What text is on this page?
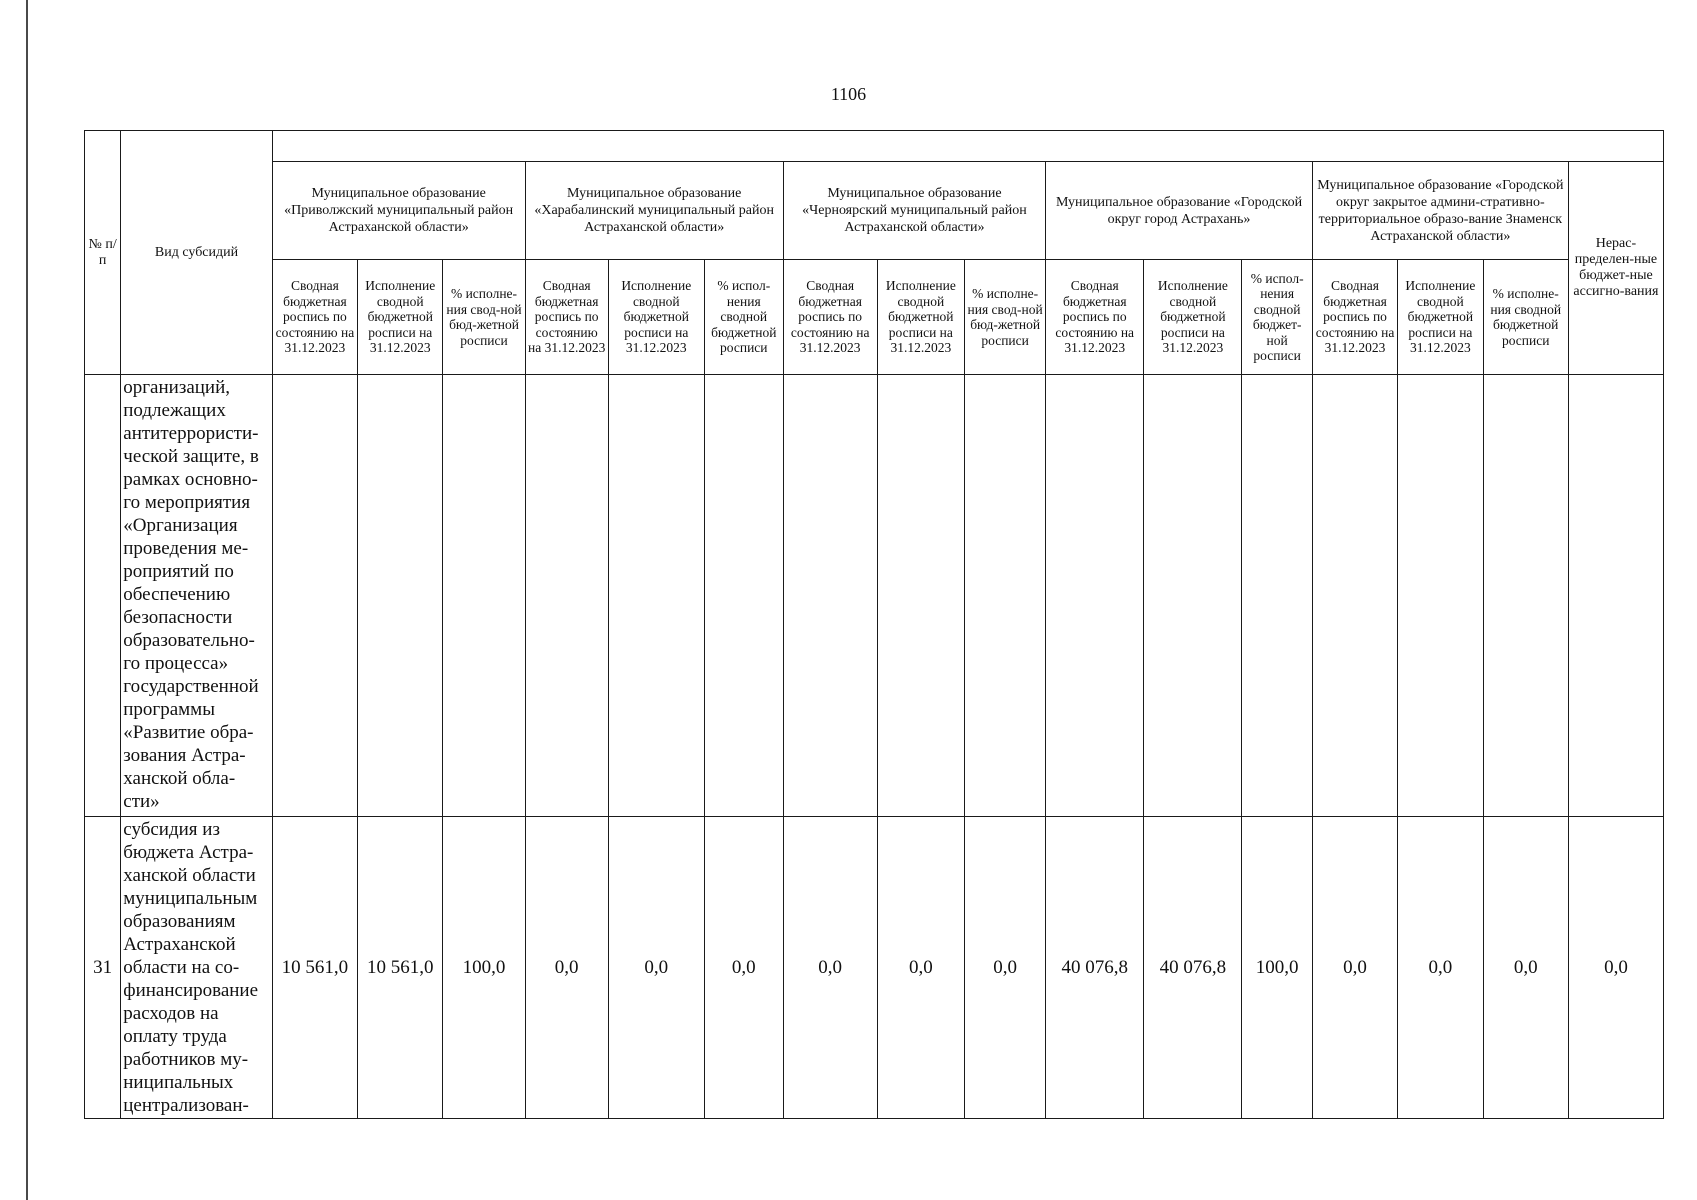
1106
№ п/п	Вид субсидий																
		Муниципальное образование «Приволжский муниципальный район Астраханской области»			Муниципальное образование «Харабалинский муниципальный район Астраханской области»			Муниципальное образование «Черноярский муниципальный район Астраханской области»			Муниципальное образование «Городской округ город Астрахань»			Муниципальное образование «Городской округ закрытое админи-стративно-территориальное образо-вание Знаменск Астраханской области»			Нерас-пределен-ные бюджет-ные ассигно-вания
		Сводная бюджетная роспись по состоянию на 31.12.2023	Исполнение сводной бюджетной росписи на 31.12.2023	% исполне-ния свод-ной бюд-жетной росписи	Сводная бюджетная роспись по состоянию на 31.12.2023	Исполнение сводной бюджетной росписи на 31.12.2023	% испол-нения сводной бюджетной росписи	Сводная бюджетная роспись по состоянию на 31.12.2023	Исполнение сводной бюджетной росписи на 31.12.2023	% исполне-ния свод-ной бюд-жетной росписи	Сводная бюджетная роспись по состоянию на 31.12.2023	Исполнение сводной бюджетной росписи на 31.12.2023	% испол-нения сводной бюджет-ной росписи	Сводная бюджетная роспись по состоянию на 31.12.2023	Исполнение сводной бюджетной росписи на 31.12.2023	% исполне-ния сводной бюджетной росписи	
	организаций, подлежащих антитеррористи-ческой защите, в рамках основно-го мероприятия «Организация проведения ме-роприятий по обеспечению безопасности образовательно-го процесса» государственной программы «Развитие обра-зования Астра-ханской обла-сти»																
31	субсидия из бюджета Астра-ханской области муниципальным образованиям Астраханской области на со-финансирование расходов на оплату труда работников му-ниципальных централизован-	10 561,0	10 561,0	100,0	0,0	0,0	0,0	0,0	0,0	0,0	40 076,8	40 076,8	100,0	0,0	0,0	0,0	0,0
